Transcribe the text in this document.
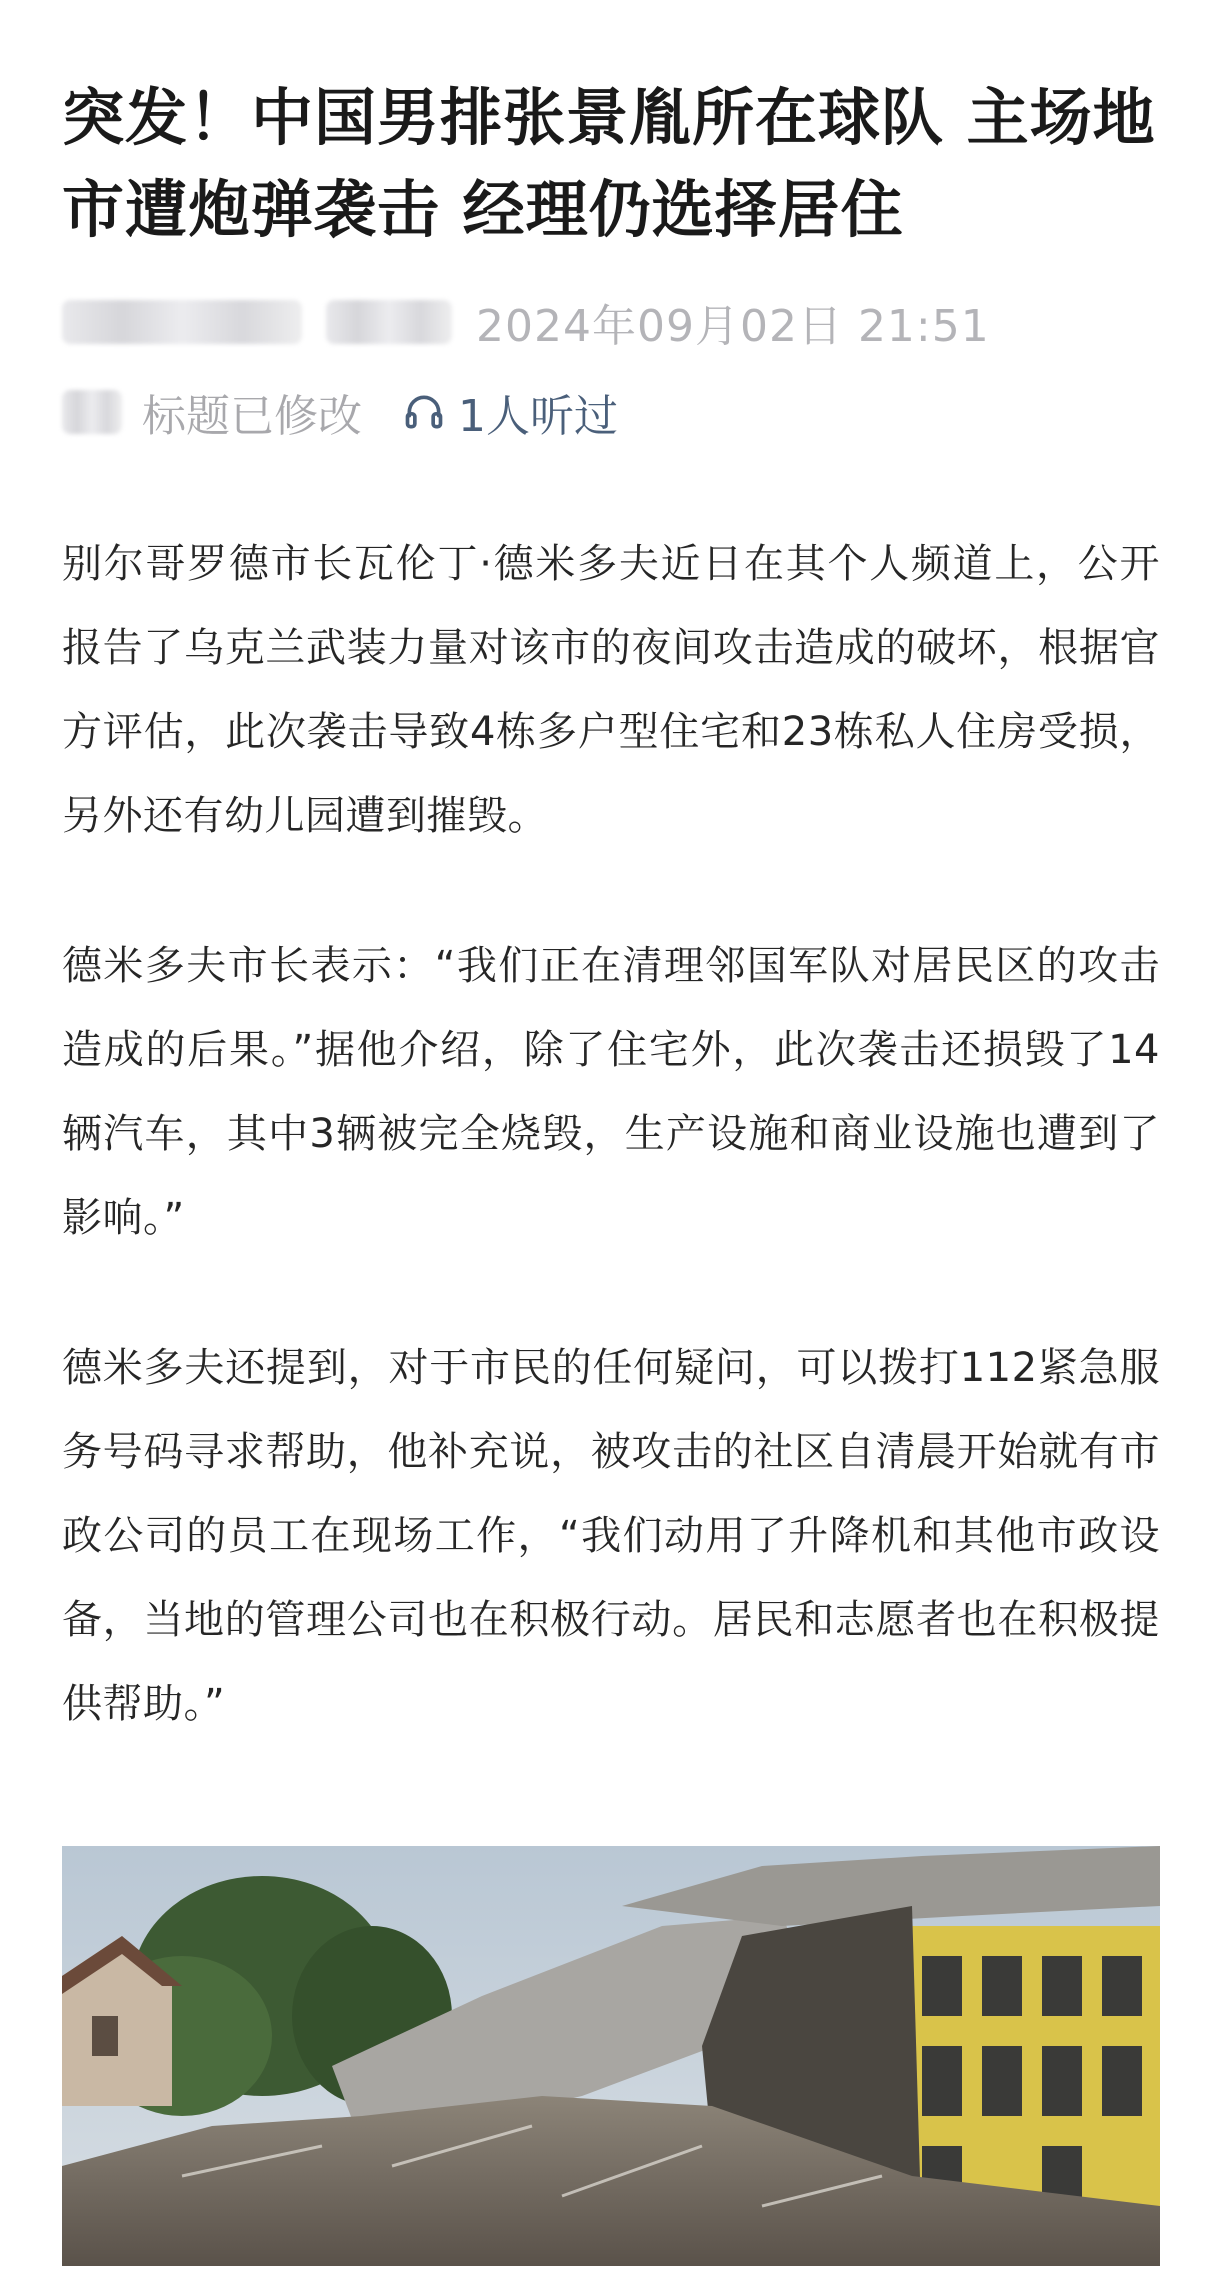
突发！中国男排张景胤所在球队 主场地市遭炮弹袭击 经理仍选择居住
2024年09月02日 21:51
标题已修改 1人听过

别尔哥罗德市长瓦伦丁·德米多夫近日在其个人频道上，公开报告了乌克兰武装力量对该市的夜间攻击造成的破坏，根据官方评估，此次袭击导致4栋多户型住宅和23栋私人住房受损，另外还有幼儿园遭到摧毁。

德米多夫市长表示：“我们正在清理邻国军队对居民区的攻击造成的后果。”据他介绍，除了住宅外，此次袭击还损毁了14辆汽车，其中3辆被完全烧毁，生产设施和商业设施也遭到了影响。”

德米多夫还提到，对于市民的任何疑问，可以拨打112紧急服务号码寻求帮助，他补充说，被攻击的社区自清晨开始就有市政公司的员工在现场工作，“我们动用了升降机和其他市政设备，当地的管理公司也在积极行动。居民和志愿者也在积极提供帮助。”
